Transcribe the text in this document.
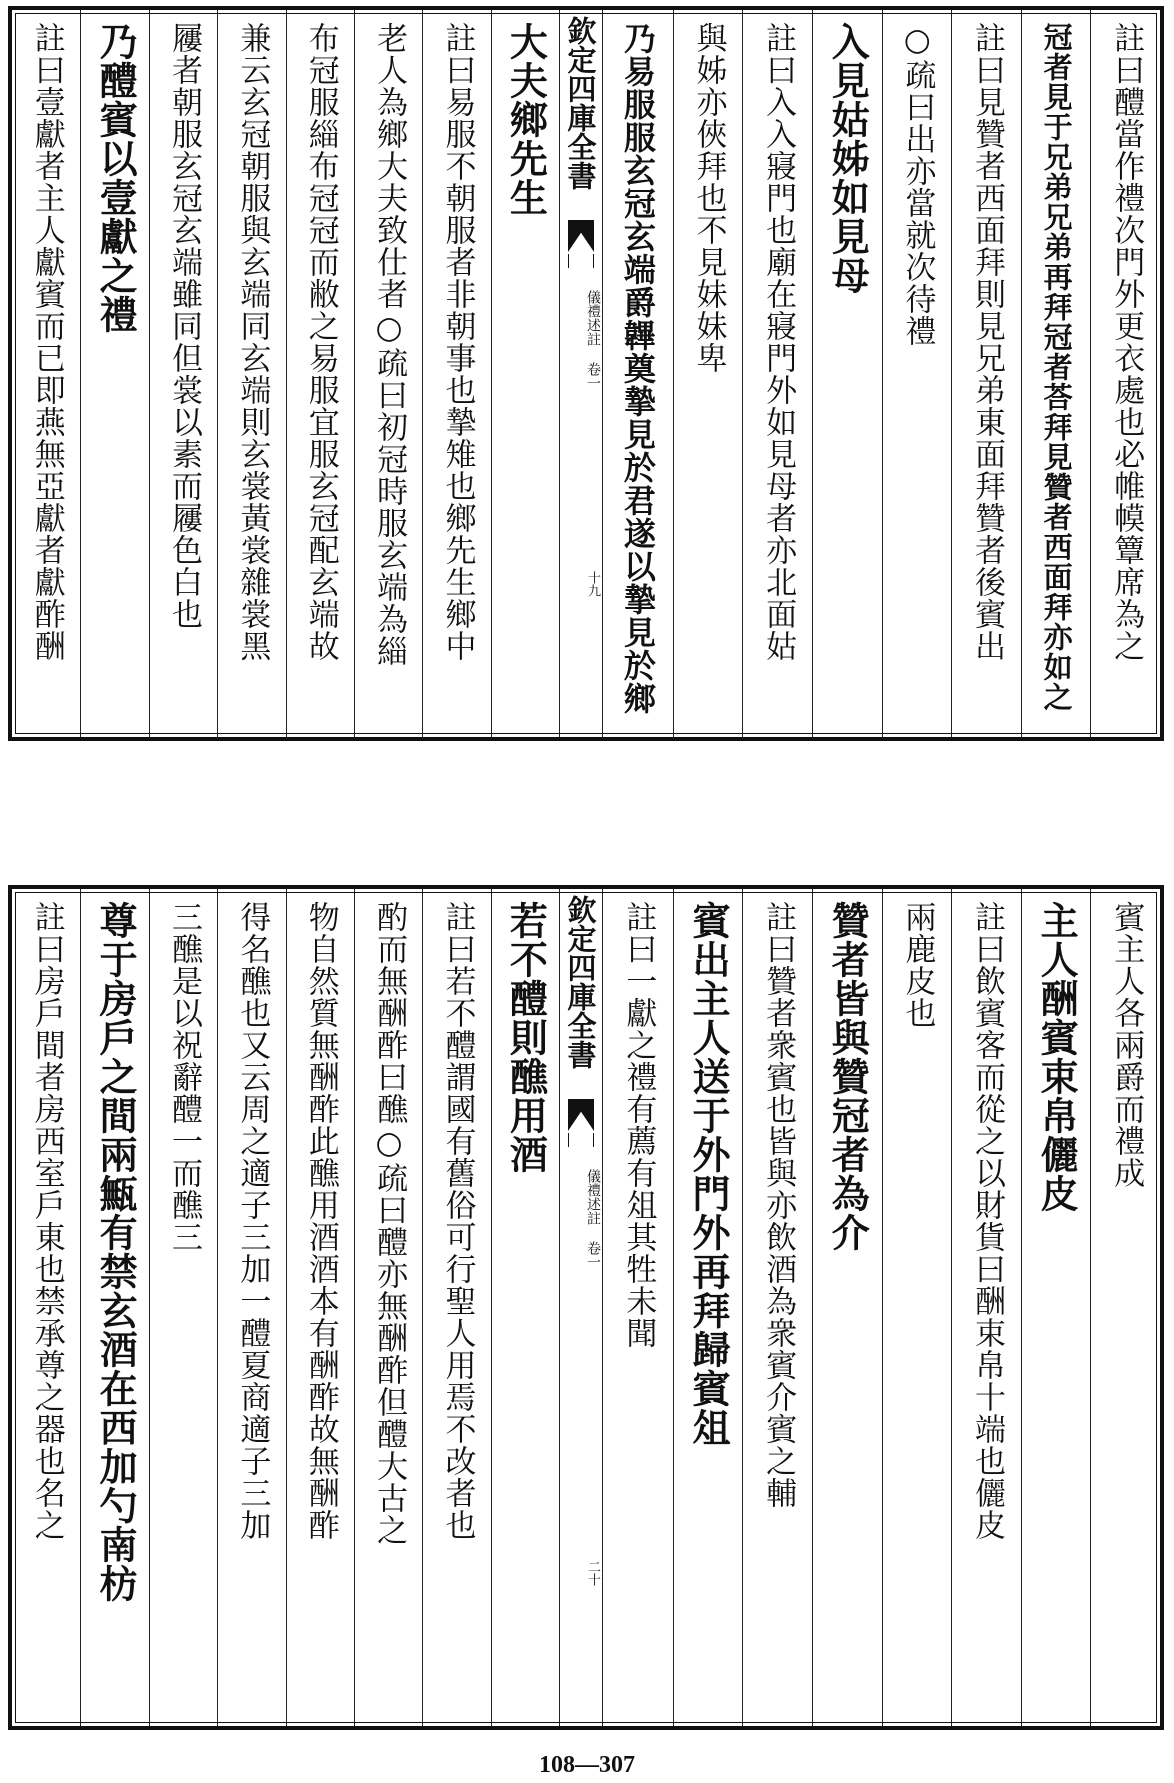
欽定四庫全書
儀禮述註 卷一
十九	註曰醴當作禮次門外更衣處也必帷幙簟席為之
冠者見于兄弟兄弟再拜冠者荅拜見贊者西面拜亦如之
註曰見贊者西面拜則見兄弟東面拜贊者後賓出
○疏曰出亦當就次待禮
入見姑姊如見母
註曰入入寢門也廟在寢門外如見母者亦北面姑
與姊亦俠拜也不見妹妹卑
乃易服服玄冠玄端爵韠奠摯見於君遂以摯見於鄉
大夫鄉先生
註曰易服不朝服者非朝事也摯雉也鄉先生鄉中
老人為鄉大夫致仕者○疏曰初冠時服玄端為緇
布冠服緇布冠冠而敝之易服宜服玄冠配玄端故
兼云玄冠朝服與玄端同玄端則玄裳黃裳雜裳黑
屨者朝服玄冠玄端雖同但裳以素而屨色白也
乃醴賓以壹獻之禮
註曰壹獻者主人獻賓而已即燕無亞獻者獻酢酬
欽定四庫全書
儀禮述註 卷一
二十
賓主人各兩爵而禮成
主人酬賓束帛儷皮
註曰飲賓客而從之以財貨曰酬束帛十端也儷皮
兩鹿皮也
贊者皆與贊冠者為介
註曰贊者衆賓也皆與亦飲酒為衆賓介賓之輔
賓出主人送于外門外再拜歸賓俎
註曰一獻之禮有薦有俎其牲未聞
若不醴則醮用酒
註曰若不醴謂國有舊俗可行聖人用焉不改者也
酌而無酬酢曰醮○疏曰醴亦無酬酢但醴大古之
物自然質無酬酢此醮用酒酒本有酬酢故無酬酢
得名醮也又云周之適子三加一醴夏商適子三加
三醮是以祝辭醴一而醮三
尊于房戶之間兩甒有禁玄酒在西加勺南枋
註曰房戶間者房西室戶東也禁承尊之器也名之
108—307
